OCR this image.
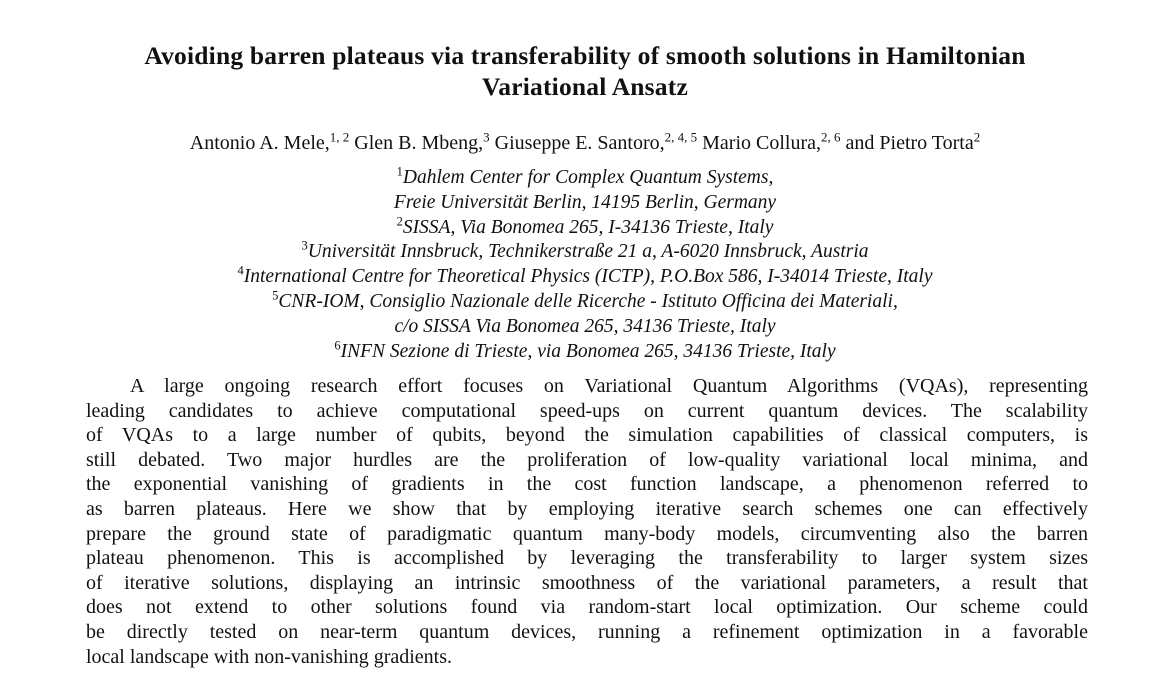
Avoiding barren plateaus via transferability of smooth solutions in Hamiltonian
Variational Ansatz
Antonio A. Mele,$^{1, 2}$ Glen B. Mbeng,$^3$ Giuseppe E. Santoro,$^{2, 4, 5}$ Mario Collura,$^{2, 6}$ and Pietro Torta$^2$
$^1$Dahlem Center for Complex Quantum Systems,
Freie Universität Berlin, 14195 Berlin, Germany
$^2$SISSA, Via Bonomea 265, I-34136 Trieste, Italy
$^3$Universität Innsbruck, Technikerstraße 21 a, A-6020 Innsbruck, Austria
$^4$International Centre for Theoretical Physics (ICTP), P.O.Box 586, I-34014 Trieste, Italy
$^5$CNR-IOM, Consiglio Nazionale delle Ricerche - Istituto Officina dei Materiali,
c/o SISSA Via Bonomea 265, 34136 Trieste, Italy
$^6$INFN Sezione di Trieste, via Bonomea 265, 34136 Trieste, Italy
A large ongoing research effort focuses on Variational Quantum Algorithms (VQAs), representing
leading candidates to achieve computational speed-ups on current quantum devices. The scalability
of VQAs to a large number of qubits, beyond the simulation capabilities of classical computers, is
still debated. Two major hurdles are the proliferation of low-quality variational local minima, and
the exponential vanishing of gradients in the cost function landscape, a phenomenon referred to
as barren plateaus. Here we show that by employing iterative search schemes one can effectively
prepare the ground state of paradigmatic quantum many-body models, circumventing also the barren
plateau phenomenon. This is accomplished by leveraging the transferability to larger system sizes
of iterative solutions, displaying an intrinsic smoothness of the variational parameters, a result that
does not extend to other solutions found via random-start local optimization. Our scheme could
be directly tested on near-term quantum devices, running a refinement optimization in a favorable
local landscape with non-vanishing gradients.
